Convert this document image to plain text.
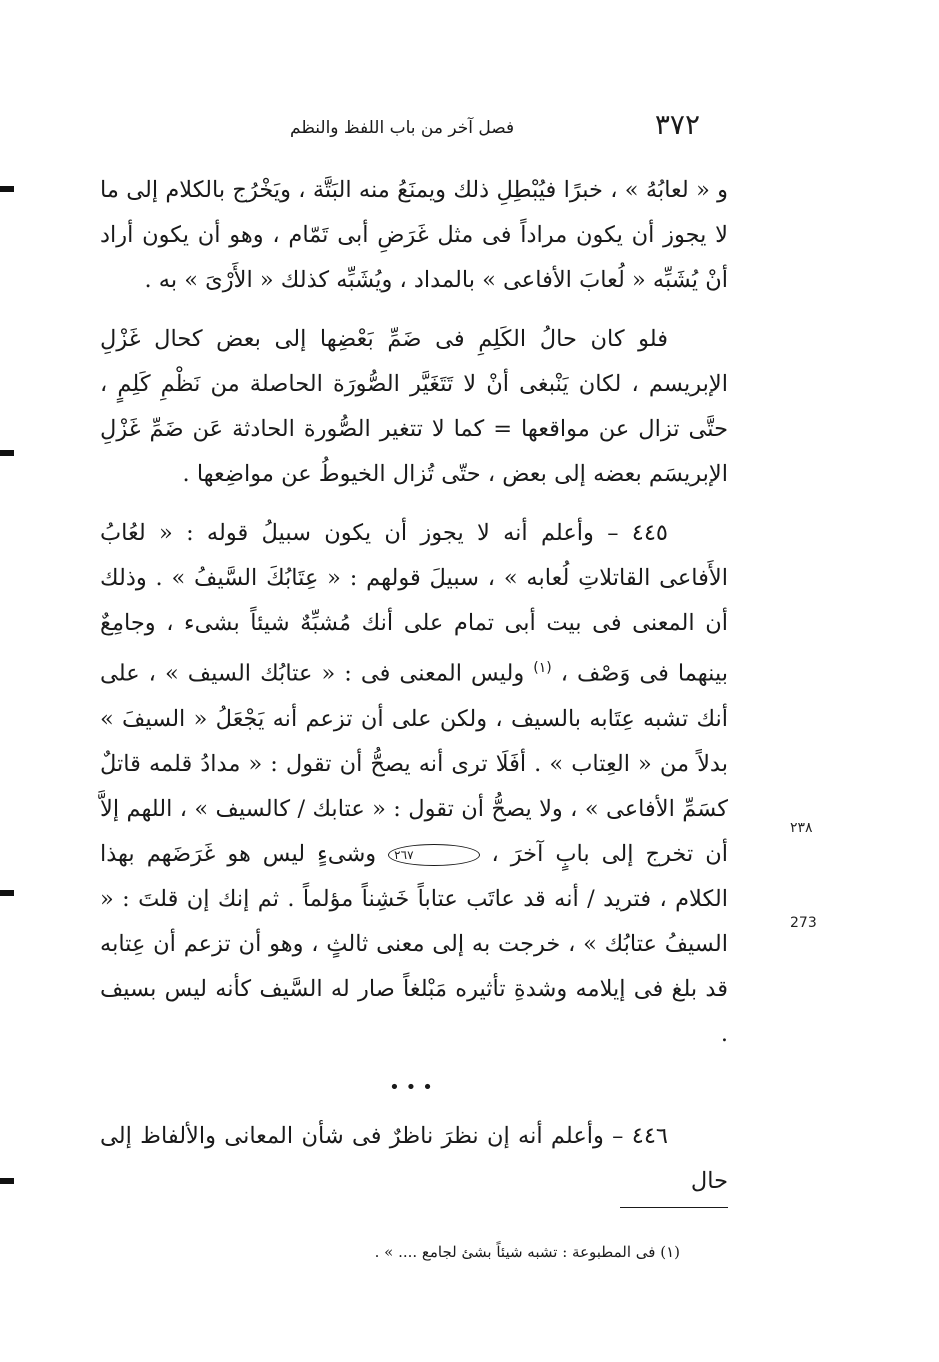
٣٧٢
فصل آخر من باب اللفظ والنظم

و « لعابُهُ » ، خبرًا فيُبْطِلِ ذلك ويمنَعُ منه البَتَّة ، ويَخْرُج بالكلام إلى ما لا يجوز أن يكون مراداً فى مثل غَرَضِ أبى تَمّام ، وهو أن يكون أراد أنْ يُشَبِّه « لُعابَ الأفاعى » بالمداد ، ويُشَبِّه كذلك « الأَرْىَ » به .

فلو كان حالُ الكَلِمِ فى ضَمِّ بَعْضِها إلى بعض كحال غَزْلِ الإبريسم ، لكان يَنْبغى أنْ لا تَتَغَيَّر الصُّورَة الحاصلة من نَظْمِ كَلِمٍ ، حتَّى تزال عن مواقعها = كما لا تتغير الصُّورة الحادثة عَن ضَمِّ غَزْلِ الإبريسَم بعضه إلى بعض ، حتّى تُزال الخيوطُ عن مواضِعها .

٤٤٥ – وأعلم أنه لا يجوز أن يكون سبيلُ قوله : « لعُابُ الأَفاعى القاتلاتِ لُعابه » ، سبيلَ قولهم : « عِتَابُكَ السَّيفُ » . وذلك أن المعنى فى بيت أبى تمام على أنك مُشبِّهٌ شيئاً بشىء ، وجامِعٌ بينهما فى وَصْف ، $^{(١)}$ وليس المعنى فى : « عتابُك السيف » ، على أنك تشبه عِتَابه بالسيف ، ولكن على أن تزعم أنه يَجْعَلُ « السيفَ » بدلاً من « العِتاب » . أفَلَا ترى أنه يصحُّ أن تقول : « مدادُ قلمه قاتلٌ كسَمِّ الأفاعى » ، ولا يصحُّ أن تقول : « عتابك / كالسيف » ، اللهم إلاَّ أن تخرج إلى بابٍ آخرَ ، ٢٦٧ وشىءٍ ليس هو غَرَضَهم بهذا الكلام ، فتريد / أنه قد عاتَب عتاباً خَشِناً مؤلماً . ثم إنك إن قلتَ : « السيفُ عتابُك » ، خرجت به إلى معنى ثالثٍ ، وهو أن تزعم أن عِتابه قد بلغ فى إيلامه وشدةِ تأثيره مَبْلغاً صار له السَّيف كأنه ليس بسيف .

•••

٤٤٦ – وأعلم أنه إن نظرَ ناظرٌ فى شأن المعانى والألفاظ إلى حال

٢٣٨
273
(١) فى المطبوعة : تشبه شيئاً بشئ لجامع .... » .
